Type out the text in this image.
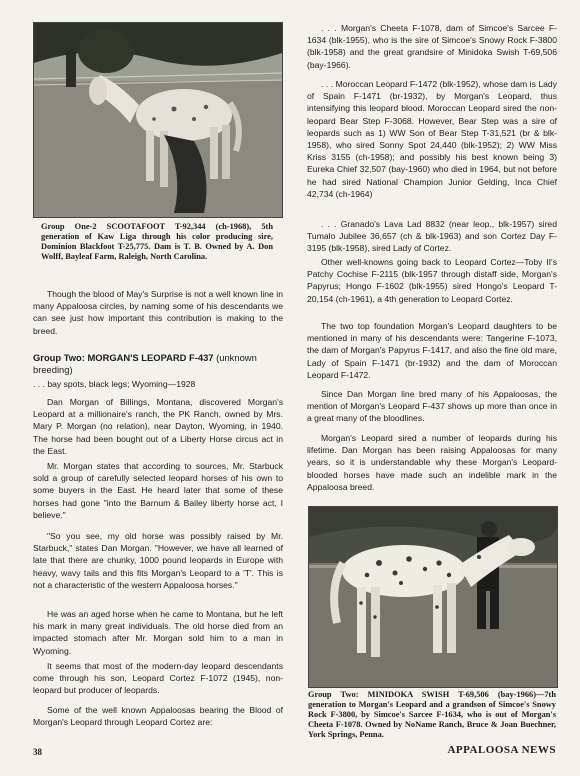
Group One-2 SCOOTAFOOT T-92,344 (ch-1968), 5th generation of Kaw Liga through his color producing sire, Dominion Blackfoot T-25,775. Dam is T. B. Owned by A. Don Wolff, Bayleaf Farm, Raleigh, North Carolina.

Though the blood of May's Surprise is not a well known line in many Appaloosa circles, by naming some of his descendants we can see just how important this contribution is making to the breed.

Group Two: MORGAN'S LEOPARD F-437 (unknown breeding)
. . . bay spots, black legs; Wyoming—1928

Dan Morgan of Billings, Montana, discovered Morgan's Leopard at a millionaire's ranch, the PK Ranch, owned by Mrs. Mary P. Morgan (no relation), near Dayton, Wyoming, in 1940. The horse had been bought out of a Liberty Horse circus act in the East.

Mr. Morgan states that according to sources, Mr. Starbuck sold a group of carefully selected leopard horses of his own to some buyers in the East. He heard later that some of these horses had gone "into the Barnum & Bailey liberty horse act, I believe."

"So you see, my old horse was possibly raised by Mr. Starbuck," states Dan Morgan. "However, we have all learned of late that there are chunky, 1000 pound leopards in Europe with heavy, wavy tails and this fits Morgan's Leopard to a 'T'. This is not a characteristic of the western Appaloosa horses."

He was an aged horse when he came to Montana, but he left his mark in many great individuals. The old horse died from an impacted stomach after Mr. Morgan sold him to a man in Wyoming.

It seems that most of the modern-day leopard descendants come through his son, Leopard Cortez F-1072 (1945), non-leopard but producer of leopards.

Some of the well known Appaloosas bearing the Blood of Morgan's Leopard through Leopard Cortez are:

. . . Morgan's Cheeta F-1078, dam of Simcoe's Sarcee F-1634 (blk-1955), who is the sire of Simcoe's Snowy Rock F-3800 (blk-1958) and the great grandsire of Minidoka Swish T-69,506 (bay-1966).

. . . Moroccan Leopard F-1472 (blk-1952), whose dam is Lady of Spain F-1471 (br-1932), by Morgan's Leopard, thus intensifying this leopard blood. Moroccan Leopard sired the non-leopard Bear Step F-3068. However, Bear Step was a sire of leopards such as 1) WW Son of Bear Step T-31,521 (br & blk-1958), who sired Sonny Spot 24,440 (blk-1952); 2) WW Miss Kriss 3155 (ch-1958); and possibly his best known being 3) Eureka Chief 32,507 (bay-1960) who died in 1964, but not before he had sired National Champion Junior Gelding, Inca Chief 42,734 (ch-1964)

. . . Granado's Lava Lad 8832 (near leop., blk-1957) sired Tumalo Jubilee 36,657 (ch & blk-1963) and son Cortez Day F-3195 (blk-1958), sired Lady of Cortez.

Other well-knowns going back to Leopard Cortez—Toby II's Patchy Cochise F-2115 (blk-1957 through distaff side, Morgan's Papyrus; Hongo F-1602 (blk-1955) sired Hongo's Leopard T-20,154 (ch-1961), a 4th generation to Leopard Cortez.

The two top foundation Morgan's Leopard daughters to be mentioned in many of his descendants were: Tangerine F-1073, the dam of Morgan's Papyrus F-1417, and also the fine old mare, Lady of Spain F-1471 (br-1932) and the dam of Moroccan Leopard F-1472.

Since Dan Morgan line bred many of his Appaloosas, the mention of Morgan's Leopard F-437 shows up more than once in a great many of the bloodlines.

Morgan's Leopard sired a number of leopards during his lifetime. Dan Morgan has been raising Appaloosas for many years, so it is understandable why these Morgan's Leopard-blooded horses have made such an indelible mark in the Appaloosa breed.

Group Two: MINIDOKA SWISH T-69,506 (bay-1966)—7th generation to Morgan's Leopard and a grandson of Simcoe's Snowy Rock F-3800, by Simcoe's Sarcee F-1634, who is out of Morgan's Cheeta F-1078. Owned by NoName Ranch, Bruce & Joan Buechner, York Springs, Penna.
38	APPALOOSA NEWS
